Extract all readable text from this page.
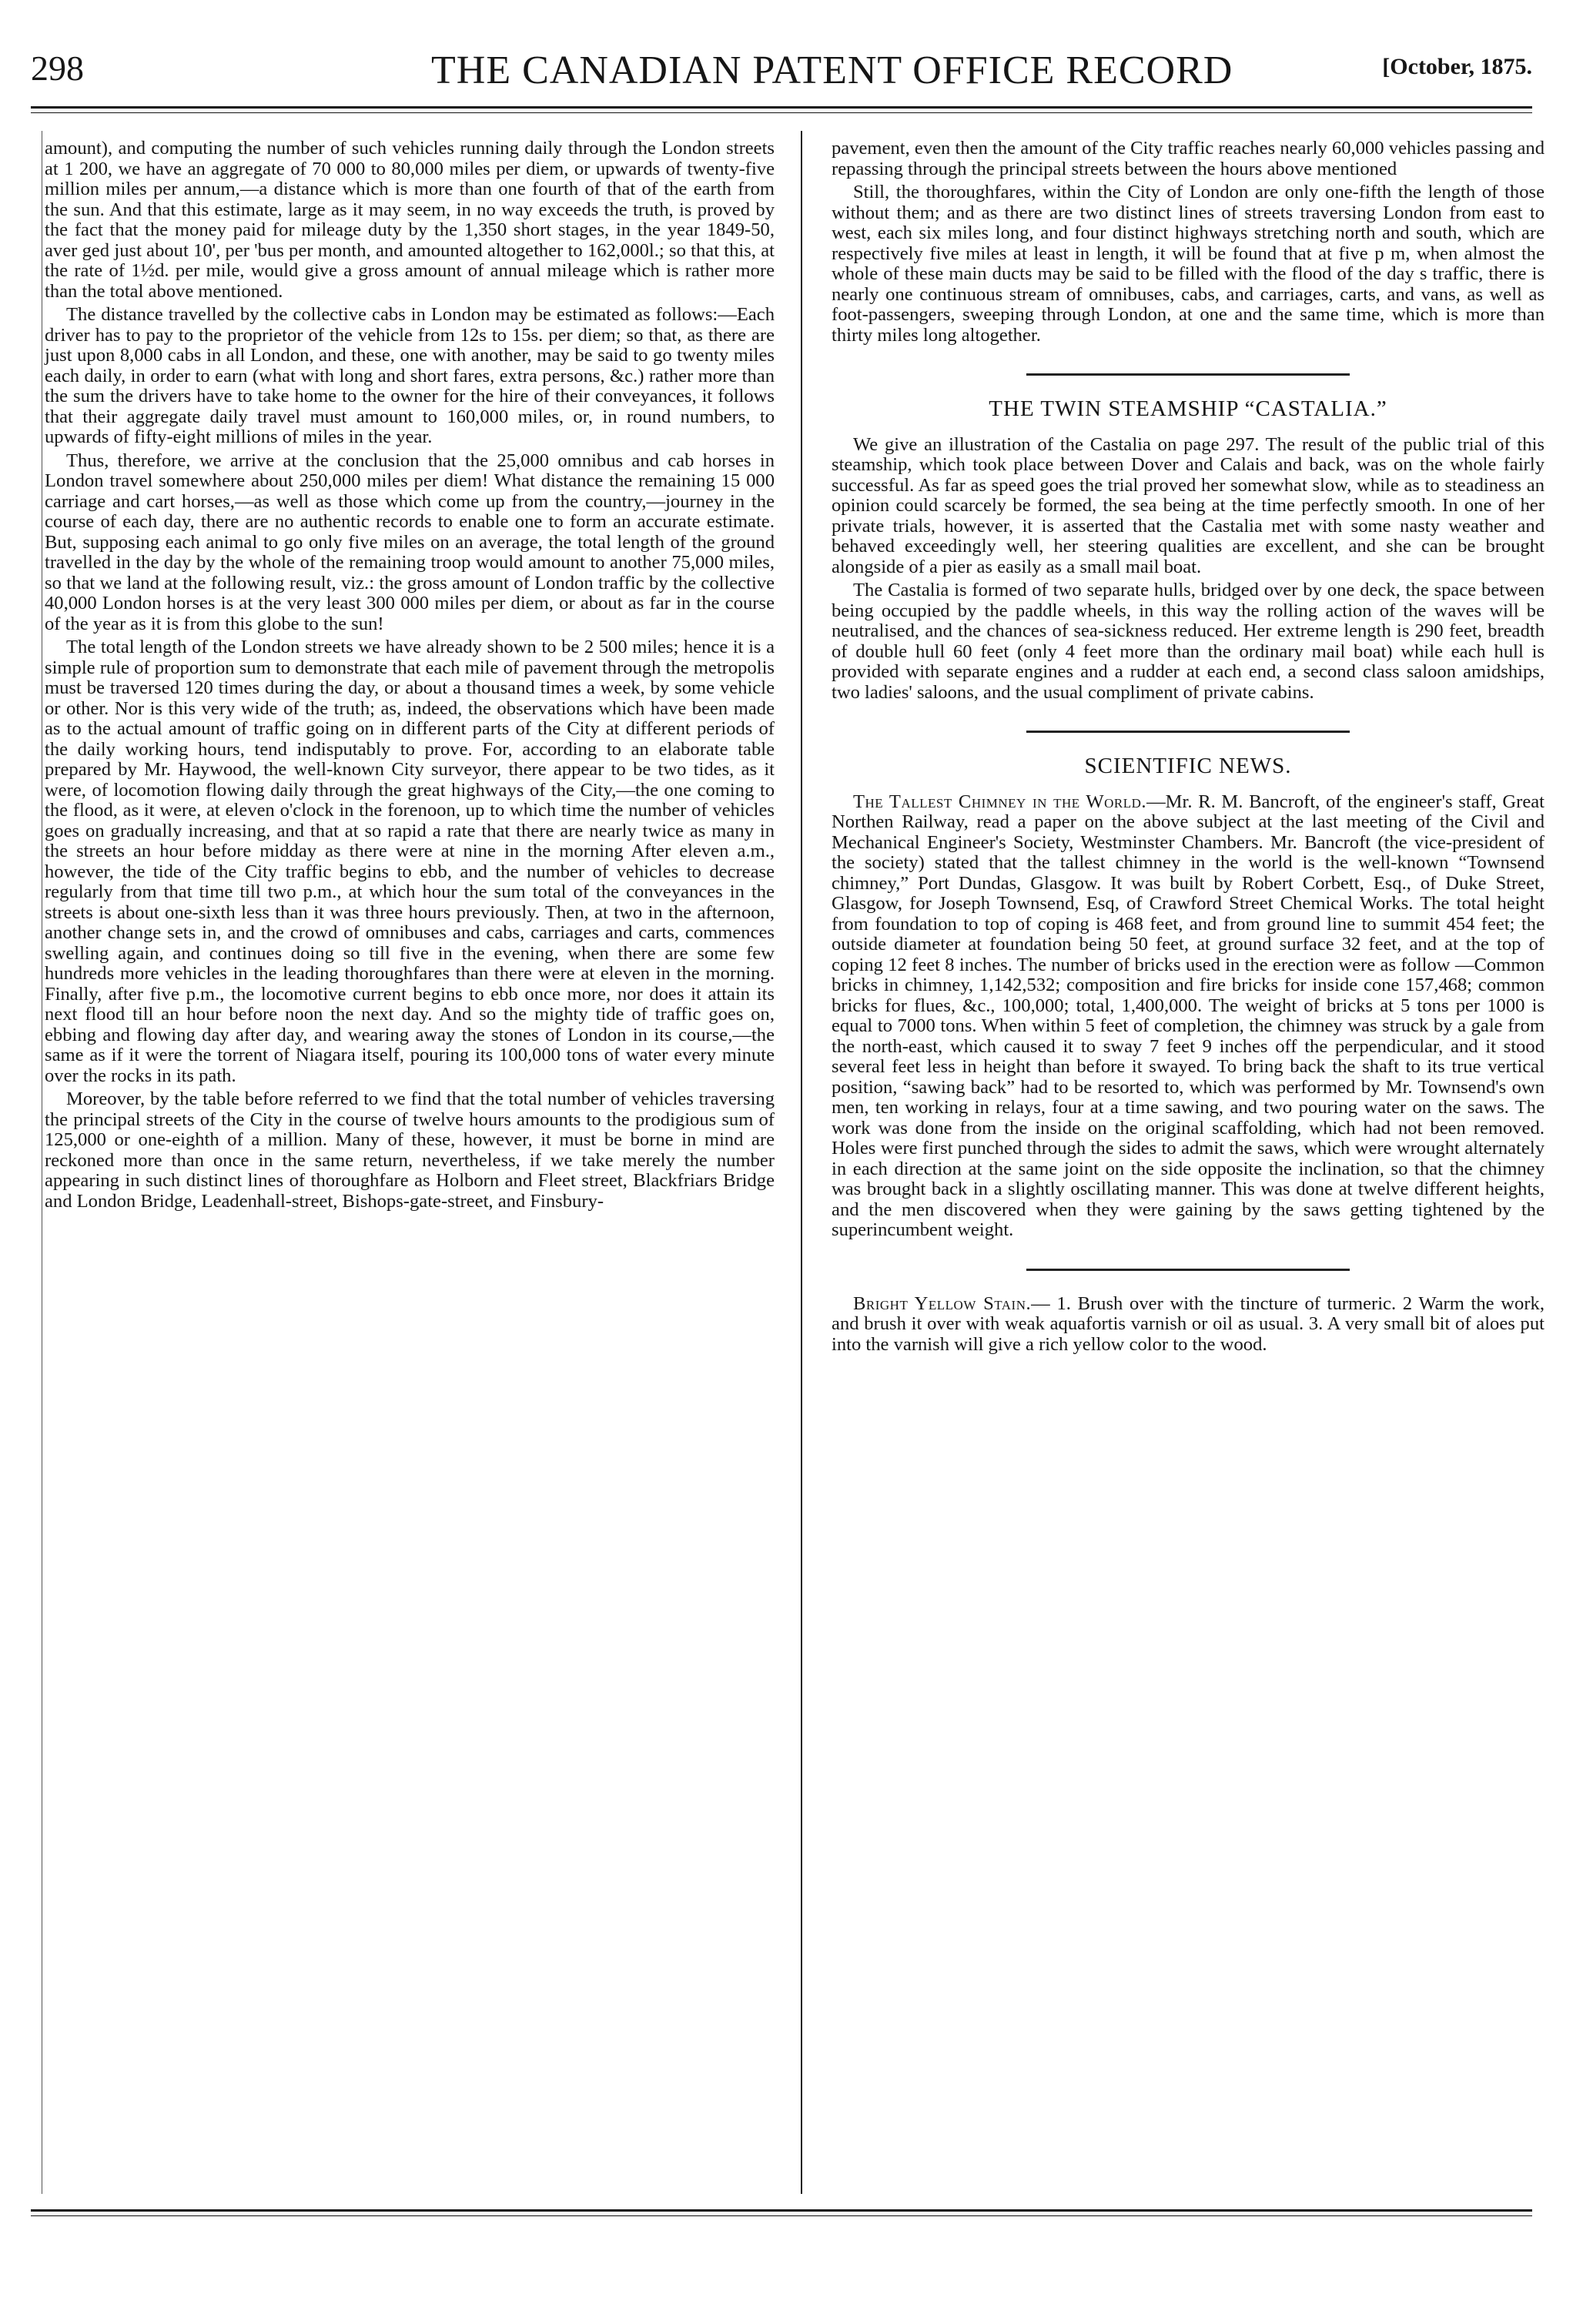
298	THE CANADIAN PATENT OFFICE RECORD	[October, 1875.

amount), and computing the number of such vehicles running daily through the London streets at 1 200, we have an aggregate of 70 000 to 80,000 miles per diem, or upwards of twenty-five million miles per annum,—a distance which is more than one fourth of that of the earth from the sun. And that this estimate, large as it may seem, in no way exceeds the truth, is proved by the fact that the money paid for mileage duty by the 1,350 short stages, in the year 1849-50, aver ged just about 10', per 'bus per month, and amounted altogether to 162,000l.; so that this, at the rate of 1½d. per mile, would give a gross amount of annual mileage which is rather more than the total above mentioned.

The distance travelled by the collective cabs in London may be estimated as follows:—Each driver has to pay to the proprietor of the vehicle from 12s to 15s. per diem; so that, as there are just upon 8,000 cabs in all London, and these, one with another, may be said to go twenty miles each daily, in order to earn (what with long and short fares, extra persons, &c.) rather more than the sum the drivers have to take home to the owner for the hire of their conveyances, it follows that their aggregate daily travel must amount to 160,000 miles, or, in round numbers, to upwards of fifty-eight millions of miles in the year.

Thus, therefore, we arrive at the conclusion that the 25,000 omnibus and cab horses in London travel somewhere about 250,000 miles per diem! What distance the remaining 15 000 carriage and cart horses,—as well as those which come up from the country,—journey in the course of each day, there are no authentic records to enable one to form an accurate estimate. But, supposing each animal to go only five miles on an average, the total length of the ground travelled in the day by the whole of the remaining troop would amount to another 75,000 miles, so that we land at the following result, viz.: the gross amount of London traffic by the collective 40,000 London horses is at the very least 300 000 miles per diem, or about as far in the course of the year as it is from this globe to the sun!

The total length of the London streets we have already shown to be 2 500 miles; hence it is a simple rule of proportion sum to demonstrate that each mile of pavement through the metropolis must be traversed 120 times during the day, or about a thousand times a week, by some vehicle or other. Nor is this very wide of the truth; as, indeed, the observations which have been made as to the actual amount of traffic going on in different parts of the City at different periods of the daily working hours, tend indisputably to prove. For, according to an elaborate table prepared by Mr. Haywood, the well-known City surveyor, there appear to be two tides, as it were, of locomotion flowing daily through the great highways of the City,—the one coming to the flood, as it were, at eleven o'clock in the forenoon, up to which time the number of vehicles goes on gradually increasing, and that at so rapid a rate that there are nearly twice as many in the streets an hour before midday as there were at nine in the morning After eleven a.m., however, the tide of the City traffic begins to ebb, and the number of vehicles to decrease regularly from that time till two p.m., at which hour the sum total of the conveyances in the streets is about one-sixth less than it was three hours previously. Then, at two in the afternoon, another change sets in, and the crowd of omnibuses and cabs, carriages and carts, commences swelling again, and continues doing so till five in the evening, when there are some few hundreds more vehicles in the leading thoroughfares than there were at eleven in the morning. Finally, after five p.m., the locomotive current begins to ebb once more, nor does it attain its next flood till an hour before noon the next day. And so the mighty tide of traffic goes on, ebbing and flowing day after day, and wearing away the stones of London in its course,—the same as if it were the torrent of Niagara itself, pouring its 100,000 tons of water every minute over the rocks in its path.

Moreover, by the table before referred to we find that the total number of vehicles traversing the principal streets of the City in the course of twelve hours amounts to the prodigious sum of 125,000 or one-eighth of a million. Many of these, however, it must be borne in mind are reckoned more than once in the same return, nevertheless, if we take merely the number appearing in such distinct lines of thoroughfare as Holborn and Fleet street, Blackfriars Bridge and London Bridge, Leadenhall-street, Bishops-gate-street, and Finsbury-

pavement, even then the amount of the City traffic reaches nearly 60,000 vehicles passing and repassing through the principal streets between the hours above mentioned

Still, the thoroughfares, within the City of London are only one-fifth the length of those without them; and as there are two distinct lines of streets traversing London from east to west, each six miles long, and four distinct highways stretching north and south, which are respectively five miles at least in length, it will be found that at five p m, when almost the whole of these main ducts may be said to be filled with the flood of the day s traffic, there is nearly one continuous stream of omnibuses, cabs, and carriages, carts, and vans, as well as foot-passengers, sweeping through London, at one and the same time, which is more than thirty miles long altogether.

THE TWIN STEAMSHIP “CASTALIA.”

We give an illustration of the Castalia on page 297. The result of the public trial of this steamship, which took place between Dover and Calais and back, was on the whole fairly successful. As far as speed goes the trial proved her somewhat slow, while as to steadiness an opinion could scarcely be formed, the sea being at the time perfectly smooth. In one of her private trials, however, it is asserted that the Castalia met with some nasty weather and behaved exceedingly well, her steering qualities are excellent, and she can be brought alongside of a pier as easily as a small mail boat.

The Castalia is formed of two separate hulls, bridged over by one deck, the space between being occupied by the paddle wheels, in this way the rolling action of the waves will be neutralised, and the chances of sea-sickness reduced. Her extreme length is 290 feet, breadth of double hull 60 feet (only 4 feet more than the ordinary mail boat) while each hull is provided with separate engines and a rudder at each end, a second class saloon amidships, two ladies' saloons, and the usual compliment of private cabins.

SCIENTIFIC NEWS.

The Tallest Chimney in the World.—Mr. R. M. Bancroft, of the engineer's staff, Great Northen Railway, read a paper on the above subject at the last meeting of the Civil and Mechanical Engineer's Society, Westminster Chambers. Mr. Bancroft (the vice-president of the society) stated that the tallest chimney in the world is the well-known “Townsend chimney,” Port Dundas, Glasgow. It was built by Robert Corbett, Esq., of Duke Street, Glasgow, for Joseph Townsend, Esq, of Crawford Street Chemical Works. The total height from foundation to top of coping is 468 feet, and from ground line to summit 454 feet; the outside diameter at foundation being 50 feet, at ground surface 32 feet, and at the top of coping 12 feet 8 inches. The number of bricks used in the erection were as follow —Common bricks in chimney, 1,142,532; composition and fire bricks for inside cone 157,468; common bricks for flues, &c., 100,000; total, 1,400,000. The weight of bricks at 5 tons per 1000 is equal to 7000 tons. When within 5 feet of completion, the chimney was struck by a gale from the north-east, which caused it to sway 7 feet 9 inches off the perpendicular, and it stood several feet less in height than before it swayed. To bring back the shaft to its true vertical position, “sawing back” had to be resorted to, which was performed by Mr. Townsend's own men, ten working in relays, four at a time sawing, and two pouring water on the saws. The work was done from the inside on the original scaffolding, which had not been removed. Holes were first punched through the sides to admit the saws, which were wrought alternately in each direction at the same joint on the side opposite the inclination, so that the chimney was brought back in a slightly oscillating manner. This was done at twelve different heights, and the men discovered when they were gaining by the saws getting tightened by the superincumbent weight.

Bright Yellow Stain.— 1. Brush over with the tincture of turmeric. 2 Warm the work, and brush it over with weak aquafortis varnish or oil as usual. 3. A very small bit of aloes put into the varnish will give a rich yellow color to the wood.
